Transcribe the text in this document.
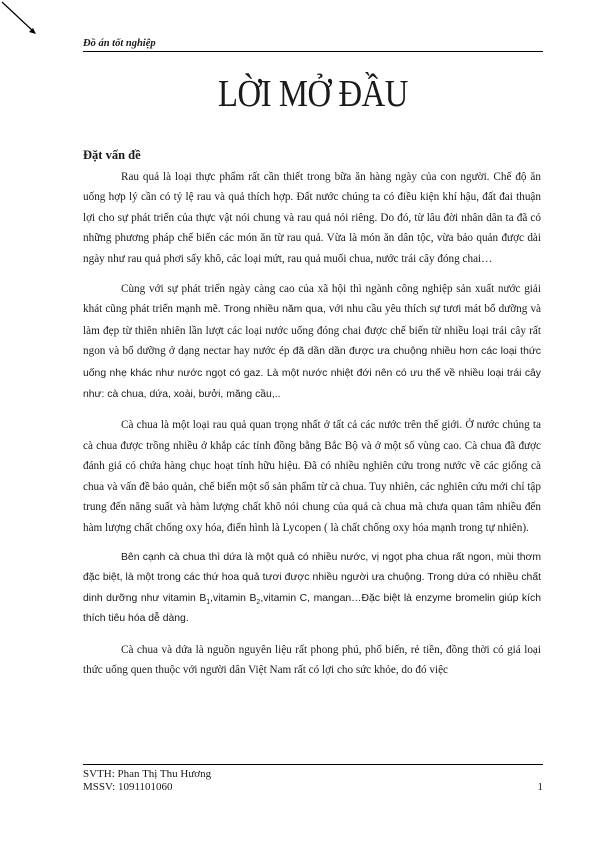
Đồ án tốt nghiệp
LỜI MỞ ĐẦU
Đặt vấn đề

Rau quả là loại thực phẩm rất cần thiết trong bữa ăn hàng ngày của con người. Chế độ ăn uống hợp lý cần có tỷ lệ rau và quả thích hợp. Đất nước chúng ta có điều kiện khí hậu, đất đai thuận lợi cho sự phát triển của thực vật nói chung và rau quả nói riêng. Do đó, từ lâu đời nhân dân ta đã có những phương pháp chế biến các món ăn từ rau quả. Vừa là món ăn dân tộc, vừa bảo quản được dài ngày như rau quả phơi sấy khô, các loại mứt, rau quả muối chua, nước trái cây đóng chai…

Cùng với sự phát triển ngày càng cao của xã hội thì ngành công nghiệp sản xuất nước giải khát cũng phát triển mạnh mẽ. Trong nhiều năm qua, với nhu cầu yêu thích sự tươi mát bổ dưỡng và làm đẹp từ thiên nhiên lần lượt các loại nước uống đóng chai được chế biến từ nhiều loại trái cây rất ngon và bổ dưỡng ở dạng nectar hay nước ép đã dần dần được ưa chuộng nhiều hơn các loại thức uống nhẹ khác như nước ngọt có gaz. Là một nước nhiệt đới nên có ưu thế về nhiều loại trái cây như: cà chua, dứa, xoài, bưởi, măng cầu,..

Cà chua là một loại rau quả quan trọng nhất ở tất cả các nước trên thế giới. Ở nước chúng ta cà chua được trồng nhiều ở khắp các tỉnh đồng bằng Bắc Bộ và ở một số vùng cao. Cà chua đã được đánh giá có chứa hàng chục hoạt tính hữu hiệu. Đã có nhiều nghiên cứu trong nước về các giống cà chua và vấn đề bảo quản, chế biến một số sản phẩm từ cà chua. Tuy nhiên, các nghiên cứu mới chỉ tập trung đến năng suất và hàm lượng chất khô nói chung của quả cà chua mà chưa quan tâm nhiều đến hàm lượng chất chống oxy hóa, điển hình là Lycopen ( là chất chống oxy hóa mạnh trong tự nhiên).

Bên cạnh cà chua thì dứa là một quả có nhiều nước, vị ngọt pha chua rất ngon, mùi thơm đặc biệt, là một trong các thứ hoa quả tươi được nhiều người ưa chuộng. Trong dứa có nhiều chất dinh dưỡng như vitamin $B_1,vitamin$ $B_2,vitamin$ C, mangan…Đặc biệt là enzyme bromelin giúp kích thích tiêu hóa dễ dàng.

Cà chua và dứa là nguồn nguyên liệu rất phong phú, phổ biến, rẻ tiền, đồng thời có giá loại thức uống quen thuộc với người dân Việt Nam rất có lợi cho sức khỏe, do đó việc

SVTH: Phan Thị Thu Hương
MSSV: 1091101060	1
